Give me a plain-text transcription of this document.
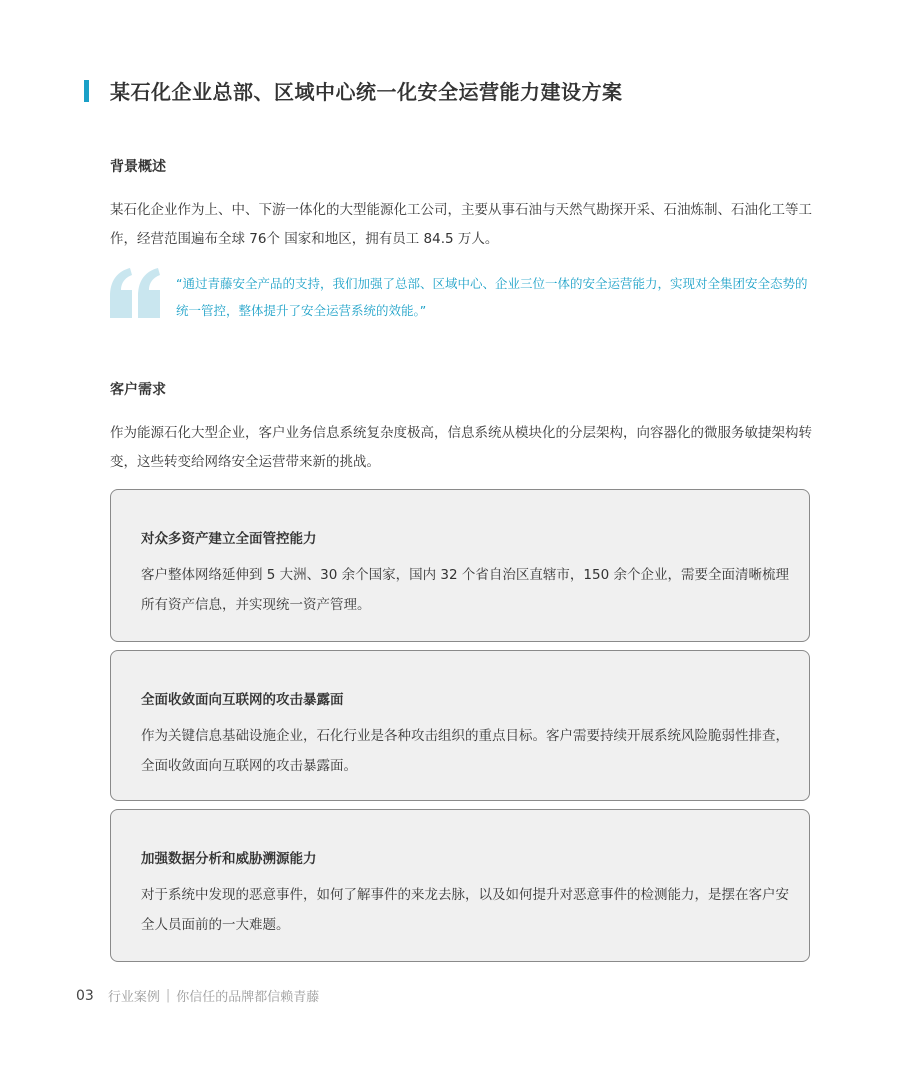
某石化企业总部、区域中心统一化安全运营能力建设方案
背景概述
某石化企业作为上、中、下游一体化的大型能源化工公司，主要从事石油与天然气勘探开采、石油炼制、石油化工等工作，经营范围遍布全球 76个 国家和地区，拥有员工 84.5 万人。
“通过青藤安全产品的支持，我们加强了总部、区域中心、企业三位一体的安全运营能力，实现对全集团安全态势的统一管控，整体提升了安全运营系统的效能。”
客户需求
作为能源石化大型企业，客户业务信息系统复杂度极高，信息系统从模块化的分层架构，向容器化的微服务敏捷架构转变，这些转变给网络安全运营带来新的挑战。
对众多资产建立全面管控能力
客户整体网络延伸到 5 大洲、30 余个国家，国内 32 个省自治区直辖市，150 余个企业，需要全面清晰梳理所有资产信息，并实现统一资产管理。
全面收敛面向互联网的攻击暴露面
作为关键信息基础设施企业，石化行业是各种攻击组织的重点目标。客户需要持续开展系统风险脆弱性排查，全面收敛面向互联网的攻击暴露面。
加强数据分析和威胁溯源能力
对于系统中发现的恶意事件，如何了解事件的来龙去脉，以及如何提升对恶意事件的检测能力，是摆在客户安全人员面前的一大难题。
03 行业案例 | 你信任的品牌都信赖青藤
